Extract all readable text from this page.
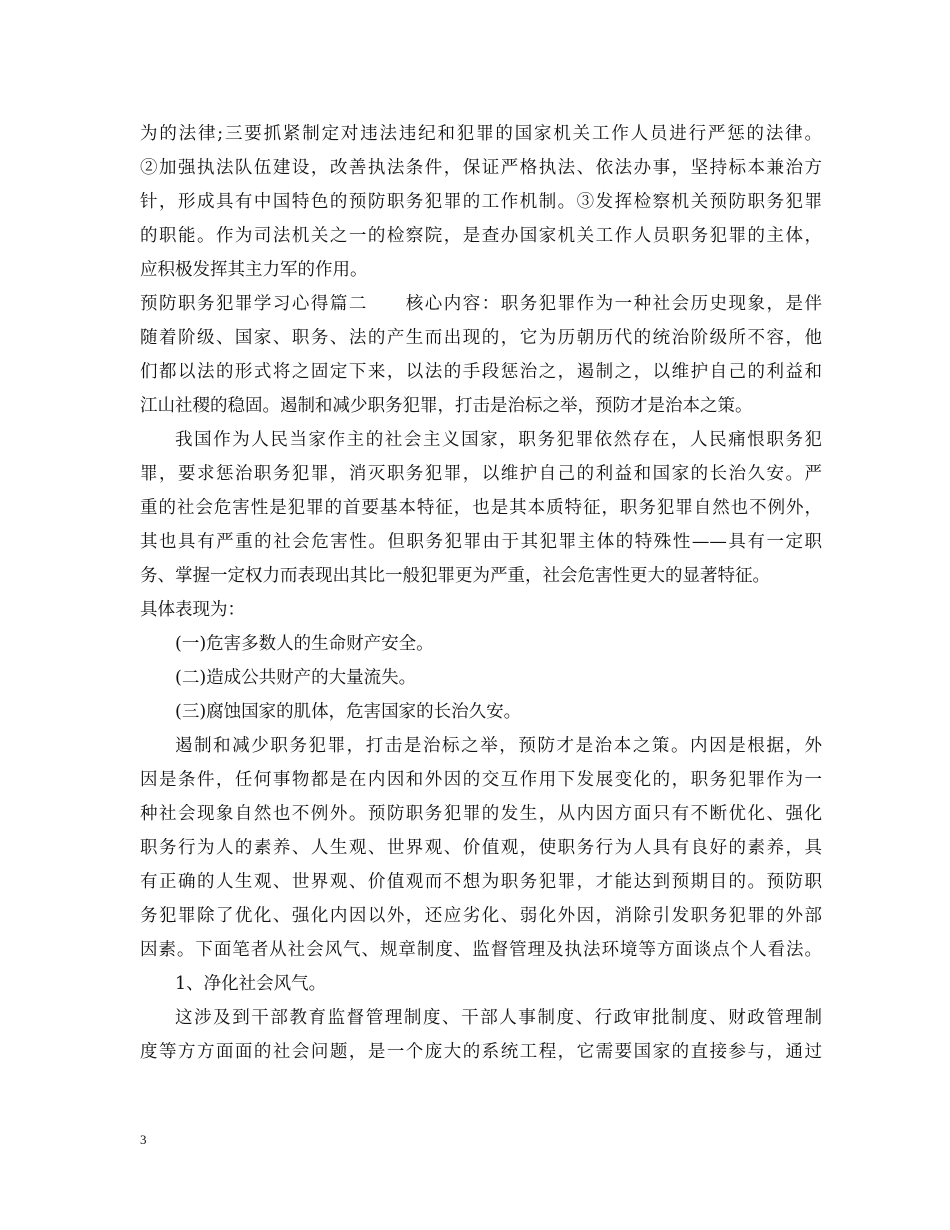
为的法律;三要抓紧制定对违法违纪和犯罪的国家机关工作人员进行严惩的法律。
②加强执法队伍建设，改善执法条件，保证严格执法、依法办事，坚持标本兼治方
针，形成具有中国特色的预防职务犯罪的工作机制。③发挥检察机关预防职务犯罪
的职能。作为司法机关之一的检察院，是查办国家机关工作人员职务犯罪的主体，
应积极发挥其主力军的作用。
预防职务犯罪学习心得篇二　　核心内容：职务犯罪作为一种社会历史现象，是伴
随着阶级、国家、职务、法的产生而出现的，它为历朝历代的统治阶级所不容，他
们都以法的形式将之固定下来，以法的手段惩治之，遏制之，以维护自己的利益和
江山社稷的稳固。遏制和减少职务犯罪，打击是治标之举，预防才是治本之策。
我国作为人民当家作主的社会主义国家，职务犯罪依然存在，人民痛恨职务犯
罪，要求惩治职务犯罪，消灭职务犯罪，以维护自己的利益和国家的长治久安。严
重的社会危害性是犯罪的首要基本特征，也是其本质特征，职务犯罪自然也不例外，
其也具有严重的社会危害性。但职务犯罪由于其犯罪主体的特殊性——具有一定职
务、掌握一定权力而表现出其比一般犯罪更为严重，社会危害性更大的显著特征。
具体表现为：
(一)危害多数人的生命财产安全。
(二)造成公共财产的大量流失。
(三)腐蚀国家的肌体，危害国家的长治久安。
遏制和减少职务犯罪，打击是治标之举，预防才是治本之策。内因是根据，外
因是条件，任何事物都是在内因和外因的交互作用下发展变化的，职务犯罪作为一
种社会现象自然也不例外。预防职务犯罪的发生，从内因方面只有不断优化、强化
职务行为人的素养、人生观、世界观、价值观，使职务行为人具有良好的素养，具
有正确的人生观、世界观、价值观而不想为职务犯罪，才能达到预期目的。预防职
务犯罪除了优化、强化内因以外，还应劣化、弱化外因，消除引发职务犯罪的外部
因素。下面笔者从社会风气、规章制度、监督管理及执法环境等方面谈点个人看法。
1、净化社会风气。
这涉及到干部教育监督管理制度、干部人事制度、行政审批制度、财政管理制
度等方方面面的社会问题，是一个庞大的系统工程，它需要国家的直接参与，通过
3
